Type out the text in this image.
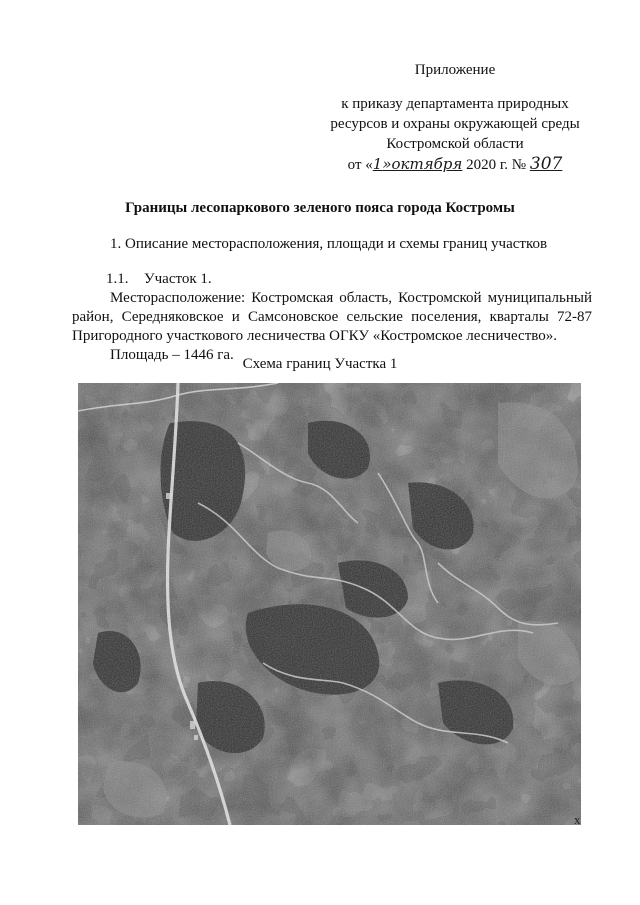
Приложение
к приказу департамента природных
ресурсов и охраны окружающей среды
Костромской области
от «1»октября 2020 г. № 307
Границы лесопаркового зеленого пояса города Костромы
1. Описание месторасположения, площади и схемы границ участков

1.1. Участок 1.

Месторасположение: Костромская область, Костромской муниципальный район, Середняковское и Самсоновское сельские поселения, кварталы 72-87 Пригородного участкового лесничества ОГКУ «Костромское лесничество».

Площадь – 1446 га.

Схема границ Участка 1
x
